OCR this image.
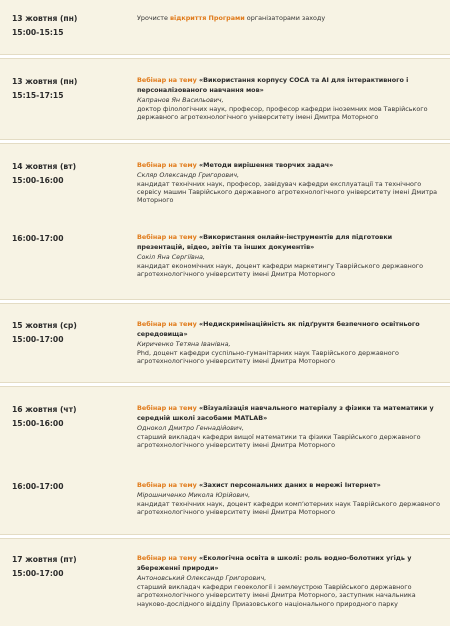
13 жовтня (пн)
15:00-15:15
Урочисте відкриття Програми організаторами заходу
13 жовтня (пн)
15:15-17:15
Вебінар на тему «Використання корпусу COCA та AI для інтерактивного і персоналізованого навчання мов»
Капранов Ян Васильович,
доктор філологічних наук, професор, професор кафедри іноземних мов Таврійського державного агротехнологічного університету імені Дмитра Моторного
14 жовтня (вт)
15:00-16:00
Вебінар на тему «Методи вирішення творчих задач»
Скляр Олександр Григорович,
кандидат технічних наук, професор, завідувач кафедри експлуатації та технічного сервісу машин Таврійського державного агротехнологічного університету імені Дмитра Моторного
16:00-17:00	Вебінар на тему «Використання онлайн-інструментів для підготовки презентацій, відео, звітів та інших документів»
Сокіл Яна Сергіївна,
кандидат економічних наук, доцент кафедри маркетингу Таврійського державного агротехнологічного університету імені Дмитра Моторного
15 жовтня (ср)
15:00-17:00
Вебінар на тему «Недискримінаційність як підґрунтя безпечного освітнього середовища»
Кириченко Тетяна Іванівна,
Phd, доцент кафедри суспільно-гуманітарних наук Таврійського державного агротехнологічного університету імені Дмитра Моторного
16 жовтня (чт)
15:00-16:00
Вебінар на тему «Візуалізація навчального матеріалу з фізики та математики у середній школі засобами MATLAB»
Однокол Дмитро Геннадійович,
старший викладач кафедри вищої математики та фізики Таврійського державного агротехнологічного університету імені Дмитра Моторного
16:00-17:00	Вебінар на тему «Захист персональних даних в мережі Інтернет»
Мірошниченко Микола Юрійович,
кандидат технічних наук, доцент кафедри комп’ютерних наук Таврійського державного агротехнологічного університету імені Дмитра Моторного
17 жовтня (пт)
15:00-17:00
Вебінар на тему «Екологічна освіта в школі: роль водно-болотних угідь у збереженні природи»
Антоновський Олександр Григорович,
старший викладач кафедри геоекології і землеустрою Таврійського державного агротехнологічного університету імені Дмитра Моторного, заступник начальника науково-дослідного відділу Приазовського національного природного парку
